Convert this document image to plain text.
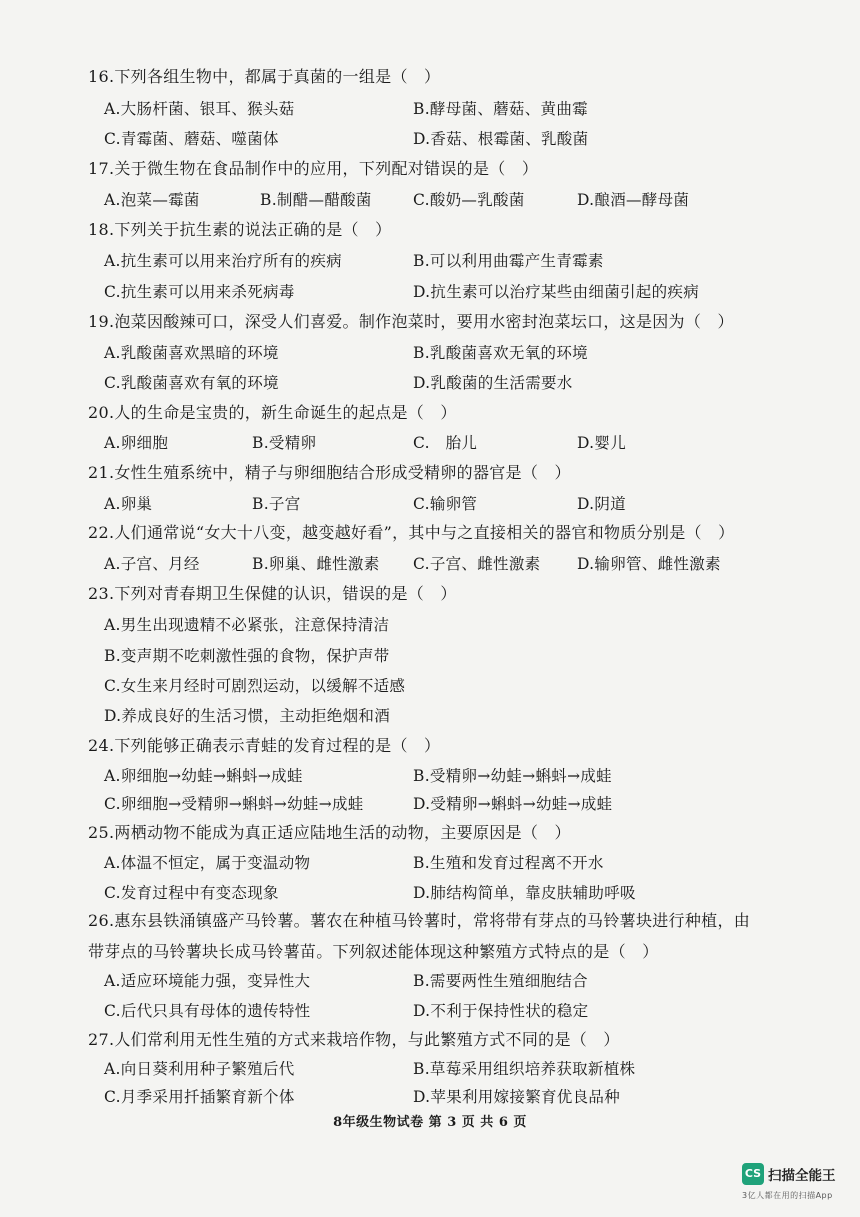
16.下列各组生物中，都属于真菌的一组是（　）
A.大肠杆菌、银耳、猴头菇	B.酵母菌、蘑菇、黄曲霉
C.青霉菌、蘑菇、噬菌体	D.香菇、根霉菌、乳酸菌
17.关于微生物在食品制作中的应用，下列配对错误的是（　）
A.泡菜—霉菌	B.制醋—醋酸菌	C.酸奶—乳酸菌	D.酿酒—酵母菌
18.下列关于抗生素的说法正确的是（　）
A.抗生素可以用来治疗所有的疾病	B.可以利用曲霉产生青霉素
C.抗生素可以用来杀死病毒	D.抗生素可以治疗某些由细菌引起的疾病
19.泡菜因酸辣可口，深受人们喜爱。制作泡菜时，要用水密封泡菜坛口，这是因为（　）
A.乳酸菌喜欢黑暗的环境	B.乳酸菌喜欢无氧的环境
C.乳酸菌喜欢有氧的环境	D.乳酸菌的生活需要水
20.人的生命是宝贵的，新生命诞生的起点是（　）
A.卵细胞	B.受精卵	C.　胎儿	D.婴儿
21.女性生殖系统中，精子与卵细胞结合形成受精卵的器官是（　）
A.卵巢	B.子宫	C.输卵管	D.阴道
22.人们通常说“女大十八变，越变越好看”，其中与之直接相关的器官和物质分别是（　）
A.子宫、月经	B.卵巢、雌性激素 C.子宫、雌性激素 D.输卵管、雌性激素
23.下列对青春期卫生保健的认识，错误的是（　）
A.男生出现遗精不必紧张，注意保持清洁
B.变声期不吃刺激性强的食物，保护声带
C.女生来月经时可剧烈运动，以缓解不适感
D.养成良好的生活习惯，主动拒绝烟和酒
24.下列能够正确表示青蛙的发育过程的是（　）
A.卵细胞→幼蛙→蝌蚪→成蛙	B.受精卵→幼蛙→蝌蚪→成蛙
C.卵细胞→受精卵→蝌蚪→幼蛙→成蛙	D.受精卵→蝌蚪→幼蛙→成蛙
25.两栖动物不能成为真正适应陆地生活的动物，主要原因是（　）
A.体温不恒定，属于变温动物	B.生殖和发育过程离不开水
C.发育过程中有变态现象	D.肺结构简单，靠皮肤辅助呼吸
26.惠东县铁涌镇盛产马铃薯。薯农在种植马铃薯时，常将带有芽点的马铃薯块进行种植，由带芽点的马铃薯块长成马铃薯苗。下列叙述能体现这种繁殖方式特点的是（　）
A.适应环境能力强，变异性大	B.需要两性生殖细胞结合
C.后代只具有母体的遗传特性	D.不利于保持性状的稳定
27.人们常利用无性生殖的方式来栽培作物，与此繁殖方式不同的是（　）
A.向日葵利用种子繁殖后代	B.草莓采用组织培养获取新植株
C.月季采用扦插繁育新个体	D.苹果利用嫁接繁育优良品种
8年级生物试卷 第 3 页 共 6 页
CS 扫描全能王
3亿人都在用的扫描App
